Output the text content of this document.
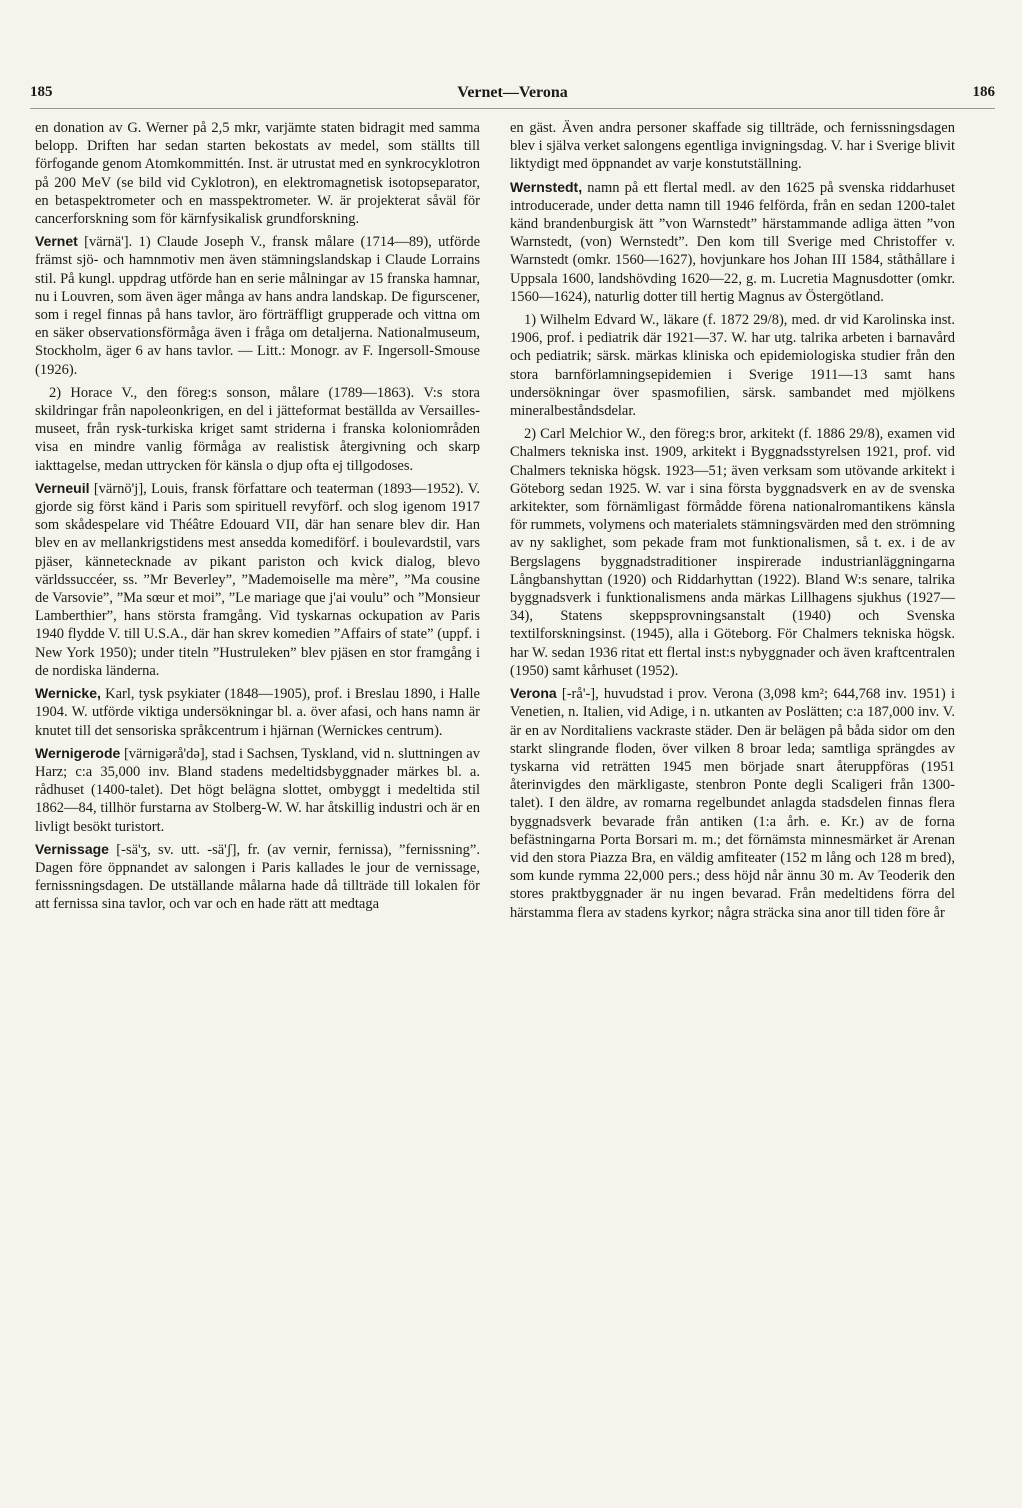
185	Vernet—Verona	186

en donation av G. Werner på 2,5 mkr, varjämte staten bidragit med samma belopp. Driften har sedan starten bekostats av medel, som ställts till förfogande genom Atomkommittén. Inst. är utrustat med en synkrocyklotron på 200 MeV (se bild vid Cyklotron), en elektromagnetisk isotopseparator, en betaspektrometer och en masspektrometer. W. är projekterat såväl för cancerforskning som för kärnfysikalisk grundforskning.

Vernet [värnä']. 1) Claude Joseph V., fransk målare (1714—89), utförde främst sjö- och hamnmotiv men även stämningslandskap i Claude Lorrains stil. På kungl. uppdrag utförde han en serie målningar av 15 franska hamnar, nu i Louvren, som även äger många av hans andra landskap. De figurscener, som i regel finnas på hans tavlor, äro förträffligt grupperade och vittna om en säker observationsförmåga även i fråga om detaljerna. Nationalmuseum, Stockholm, äger 6 av hans tavlor. — Litt.: Monogr. av F. Ingersoll-Smouse (1926).

2) Horace V., den föreg:s sonson, målare (1789—1863). V:s stora skildringar från napoleonkrigen, en del i jätteformat beställda av Versailles-museet, från rysk-turkiska kriget samt striderna i franska koloniområden visa en mindre vanlig förmåga av realistisk återgivning och skarp iakttagelse, medan uttrycken för känsla o djup ofta ej tillgodoses.

Verneuil [värnö'j], Louis, fransk författare och teaterman (1893—1952). V. gjorde sig först känd i Paris som spirituell revyförf. och slog igenom 1917 som skådespelare vid Théâtre Edouard VII, där han senare blev dir. Han blev en av mellankrigstidens mest ansedda komediförf. i boulevardstil, vars pjäser, kännetecknade av pikant pariston och kvick dialog, blevo världssuccéer, ss. ”Mr Beverley”, ”Mademoiselle ma mère”, ”Ma cousine de Varsovie”, ”Ma sœur et moi”, ”Le mariage que j'ai voulu” och ”Monsieur Lamberthier”, hans största framgång. Vid tyskarnas ockupation av Paris 1940 flydde V. till U.S.A., där han skrev komedien ”Affairs of state” (uppf. i New York 1950); under titeln ”Hustruleken” blev pjäsen en stor framgång i de nordiska länderna.

Wernicke, Karl, tysk psykiater (1848—1905), prof. i Breslau 1890, i Halle 1904. W. utförde viktiga undersökningar bl. a. över afasi, och hans namn är knutet till det sensoriska språkcentrum i hjärnan (Wernickes centrum).

Wernigerode [värnigərå'də], stad i Sachsen, Tyskland, vid n. sluttningen av Harz; c:a 35,000 inv. Bland stadens medeltidsbyggnader märkes bl. a. rådhuset (1400-talet). Det högt belägna slottet, ombyggt i medeltida stil 1862—84, tillhör furstarna av Stolberg-W. W. har åtskillig industri och är en livligt besökt turistort.

Vernissage [-sä'ʒ, sv. utt. -sä'ʃ], fr. (av vernir, fernissa), ”fernissning”. Dagen före öppnandet av salongen i Paris kallades le jour de vernissage, fernissningsdagen. De utställande målarna hade då tillträde till lokalen för att fernissa sina tavlor, och var och en hade rätt att medtaga

en gäst. Även andra personer skaffade sig tillträde, och fernissningsdagen blev i själva verket salongens egentliga invigningsdag. V. har i Sverige blivit liktydigt med öppnandet av varje konstutställning.

Wernstedt, namn på ett flertal medl. av den 1625 på svenska riddarhuset introducerade, under detta namn till 1946 felförda, från en sedan 1200-talet känd brandenburgisk ätt ”von Warnstedt” härstammande adliga ätten ”von Warnstedt, (von) Wernstedt”. Den kom till Sverige med Christoffer v. Warnstedt (omkr. 1560—1627), hovjunkare hos Johan III 1584, ståthållare i Uppsala 1600, landshövding 1620—22, g. m. Lucretia Magnusdotter (omkr. 1560—1624), naturlig dotter till hertig Magnus av Östergötland.

1) Wilhelm Edvard W., läkare (f. 1872 29/8), med. dr vid Karolinska inst. 1906, prof. i pediatrik där 1921—37. W. har utg. talrika arbeten i barnavård och pediatrik; särsk. märkas kliniska och epidemiologiska studier från den stora barnförlamningsepidemien i Sverige 1911—13 samt hans undersökningar över spasmofilien, särsk. sambandet med mjölkens mineralbeståndsdelar.

2) Carl Melchior W., den föreg:s bror, arkitekt (f. 1886 29/8), examen vid Chalmers tekniska inst. 1909, arkitekt i Byggnadsstyrelsen 1921, prof. vid Chalmers tekniska högsk. 1923—51; även verksam som utövande arkitekt i Göteborg sedan 1925. W. var i sina första byggnadsverk en av de svenska arkitekter, som förnämligast förmådde förena nationalromantikens känsla för rummets, volymens och materialets stämningsvärden med den strömning av ny saklighet, som pekade fram mot funktionalismen, så t. ex. i de av Bergslagens byggnadstraditioner inspirerade industrianläggningarna Långbanshyttan (1920) och Riddarhyttan (1922). Bland W:s senare, talrika byggnadsverk i funktionalismens anda märkas Lillhagens sjukhus (1927—34), Statens skeppsprovningsanstalt (1940) och Svenska textilforskningsinst. (1945), alla i Göteborg. För Chalmers tekniska högsk. har W. sedan 1936 ritat ett flertal inst:s nybyggnader och även kraftcentralen (1950) samt kårhuset (1952).

Verona [-rå'-], huvudstad i prov. Verona (3,098 km²; 644,768 inv. 1951) i Venetien, n. Italien, vid Adige, i n. utkanten av Poslätten; c:a 187,000 inv. V. är en av Norditaliens vackraste städer. Den är belägen på båda sidor om den starkt slingrande floden, över vilken 8 broar leda; samtliga sprängdes av tyskarna vid reträtten 1945 men började snart återuppföras (1951 återinvigdes den märkligaste, stenbron Ponte degli Scaligeri från 1300-talet). I den äldre, av romarna regelbundet anlagda stadsdelen finnas flera byggnadsverk bevarade från antiken (1:a årh. e. Kr.) av de forna befästningarna Porta Borsari m. m.; det förnämsta minnesmärket är Arenan vid den stora Piazza Bra, en väldig amfiteater (152 m lång och 128 m bred), som kunde rymma 22,000 pers.; dess höjd når ännu 30 m. Av Teoderik den stores praktbyggnader är nu ingen bevarad. Från medeltidens förra del härstamma flera av stadens kyrkor; några sträcka sina anor till tiden före år
